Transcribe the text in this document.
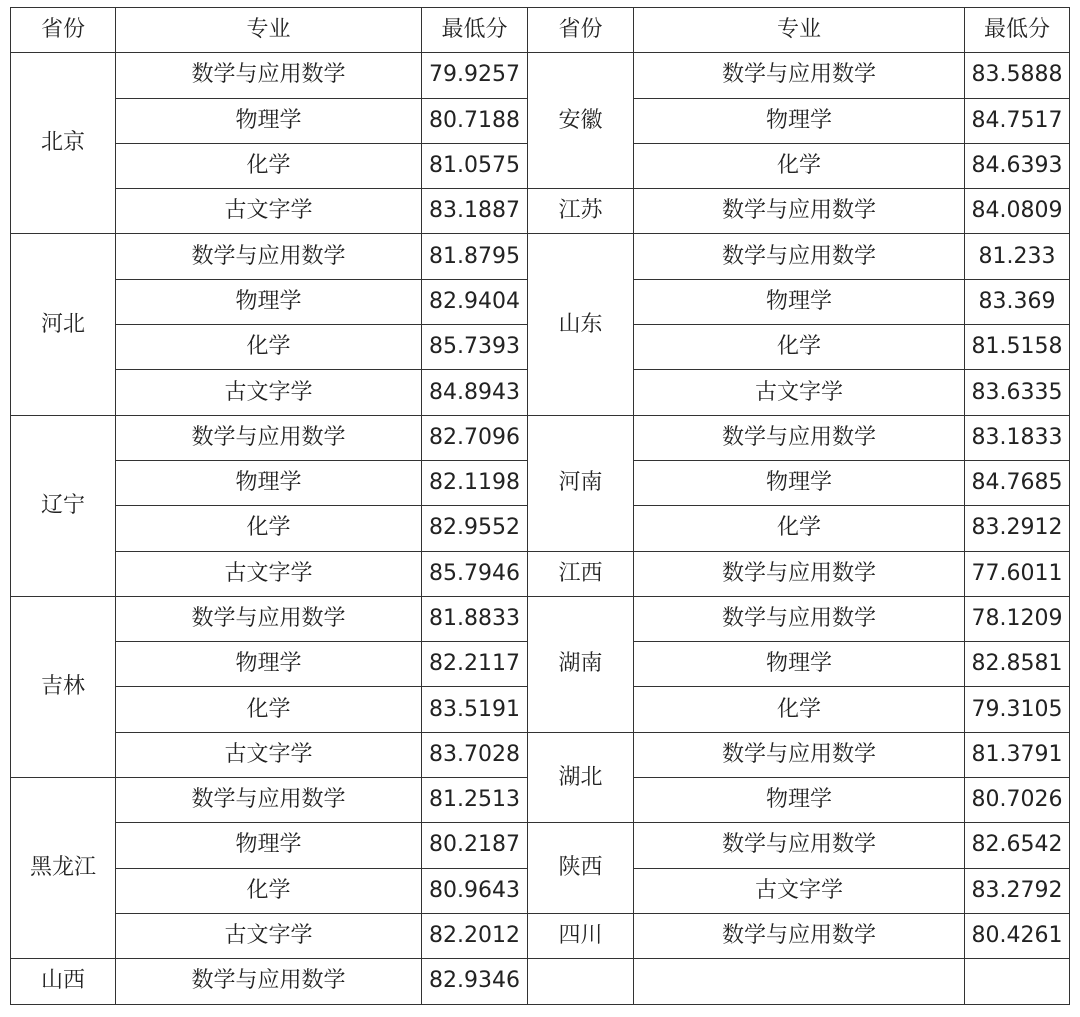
省份	专业	最低分	省份	专业	最低分
北京	数学与应用数学	79.9257	安徽	数学与应用数学	83.5888
	物理学	80.7188		物理学	84.7517
	化学	81.0575		化学	84.6393
	古文字学	83.1887	江苏	数学与应用数学	84.0809
河北	数学与应用数学	81.8795	山东	数学与应用数学	81.233
	物理学	82.9404		物理学	83.369
	化学	85.7393		化学	81.5158
	古文字学	84.8943		古文字学	83.6335
辽宁	数学与应用数学	82.7096	河南	数学与应用数学	83.1833
	物理学	82.1198		物理学	84.7685
	化学	82.9552		化学	83.2912
	古文字学	85.7946	江西	数学与应用数学	77.6011
吉林	数学与应用数学	81.8833	湖南	数学与应用数学	78.1209
	物理学	82.2117		物理学	82.8581
	化学	83.5191		化学	79.3105
	古文字学	83.7028	湖北	数学与应用数学	81.3791
黑龙江	数学与应用数学	81.2513		物理学	80.7026
	物理学	80.2187	陕西	数学与应用数学	82.6542
	化学	80.9643		古文字学	83.2792
	古文字学	82.2012	四川	数学与应用数学	80.4261
山西	数学与应用数学	82.9346			
